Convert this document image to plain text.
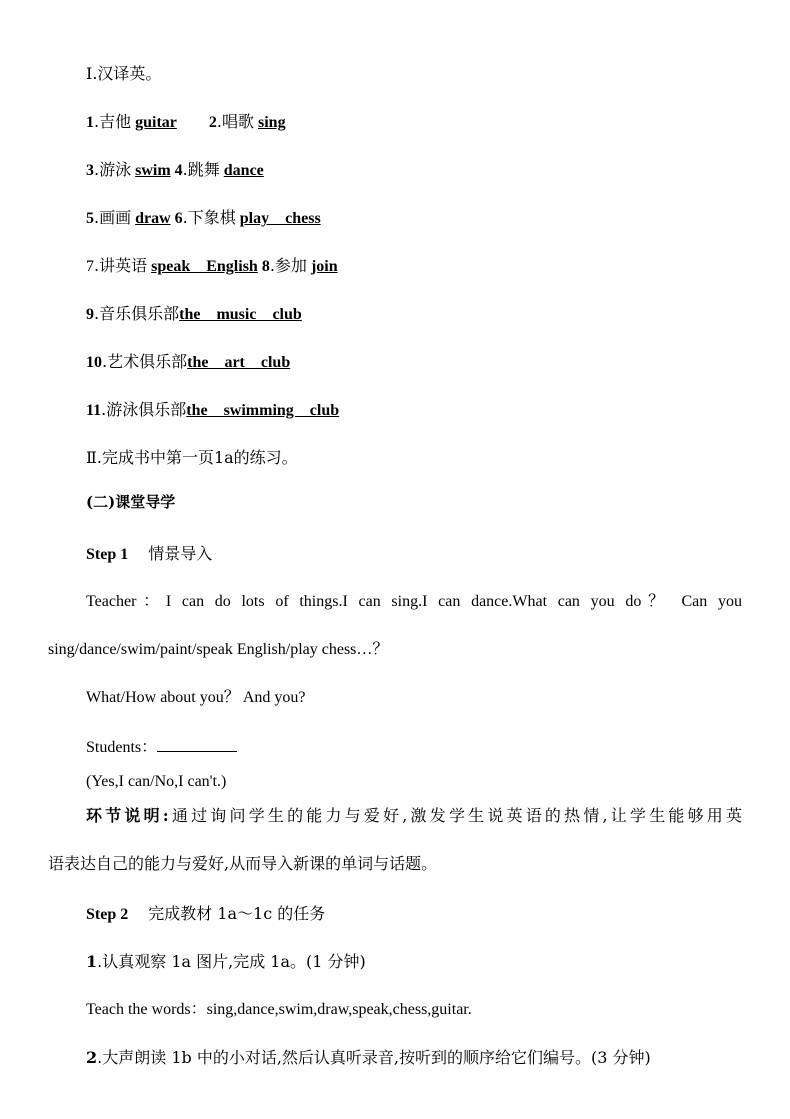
Ⅰ.汉译英。
1.吉他 guitar 2.唱歌 sing
3.游泳 swim 4.跳舞 dance
5.画画 draw 6.下象棋 play　chess
7.讲英语 speak　English 8.参加 join
9.音乐俱乐部the　music　club
10.艺术俱乐部the　art　club
11.游泳俱乐部the　swimming　club
Ⅱ.完成书中第一页1a的练习。
(二)课堂导学
Step 1 情景导入
Teacher：I can do lots of things.I can sing.I can dance.What can you do？ Can you
sing/dance/swim/paint/speak English/play chess…？
What/How about you？ And you?
Students：
(Yes,I can/No,I can't.)
环节说明:通过询问学生的能力与爱好,激发学生说英语的热情,让学生能够用英
语表达自己的能力与爱好,从而导入新课的单词与话题。
Step 2 完成教材 1a～1c 的任务
1.认真观察 1a 图片,完成 1a。(1 分钟)
Teach the words：sing,dance,swim,draw,speak,chess,guitar.
2.大声朗读 1b 中的小对话,然后认真听录音,按听到的顺序给它们编号。(3 分钟)
